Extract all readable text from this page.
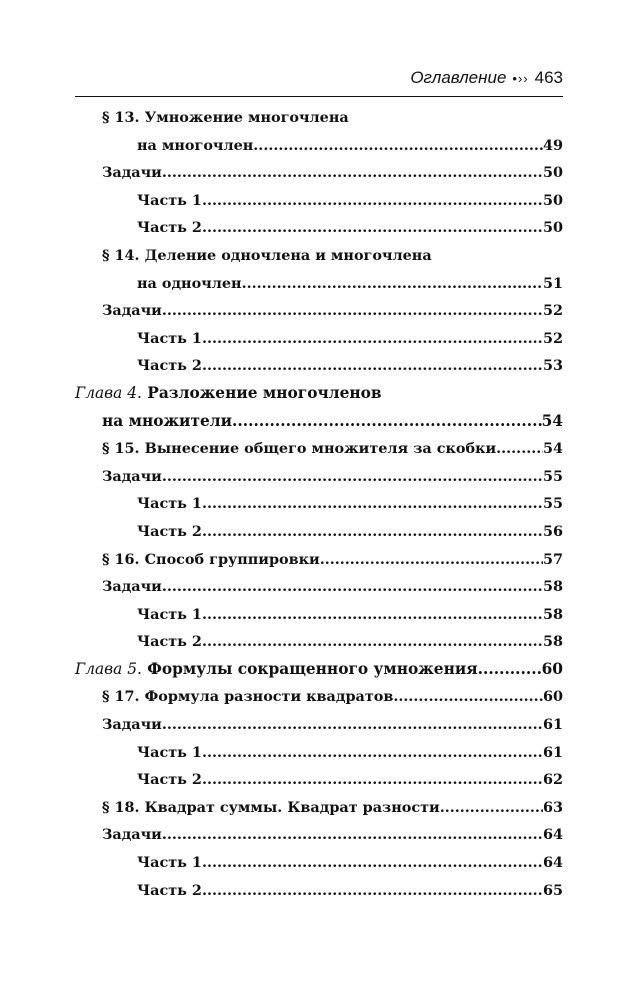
Оглавление •›› 463
§ 13. Умножение многочлена
на многочлен .....	49
Задачи .....	50
Часть 1 .....	50
Часть 2 .....	50
§ 14. Деление одночлена и многочлена
на одночлен .....	51
Задачи .....	52
Часть 1 .....	52
Часть 2 .....	53
Глава 4. Разложение многочленов
на множители .....	54
§ 15. Вынесение общего множителя за скобки .....	54
Задачи .....	55
Часть 1 .....	55
Часть 2 .....	56
§ 16. Способ группировки .....	57
Задачи .....	58
Часть 1 .....	58
Часть 2 .....	58
Глава 5. Формулы сокращенного умножения .....	60
§ 17. Формула разности квадратов .....	60
Задачи .....	61
Часть 1 .....	61
Часть 2 .....	62
§ 18. Квадрат суммы. Квадрат разности .....	63
Задачи .....	64
Часть 1 .....	64
Часть 2 .....	65
